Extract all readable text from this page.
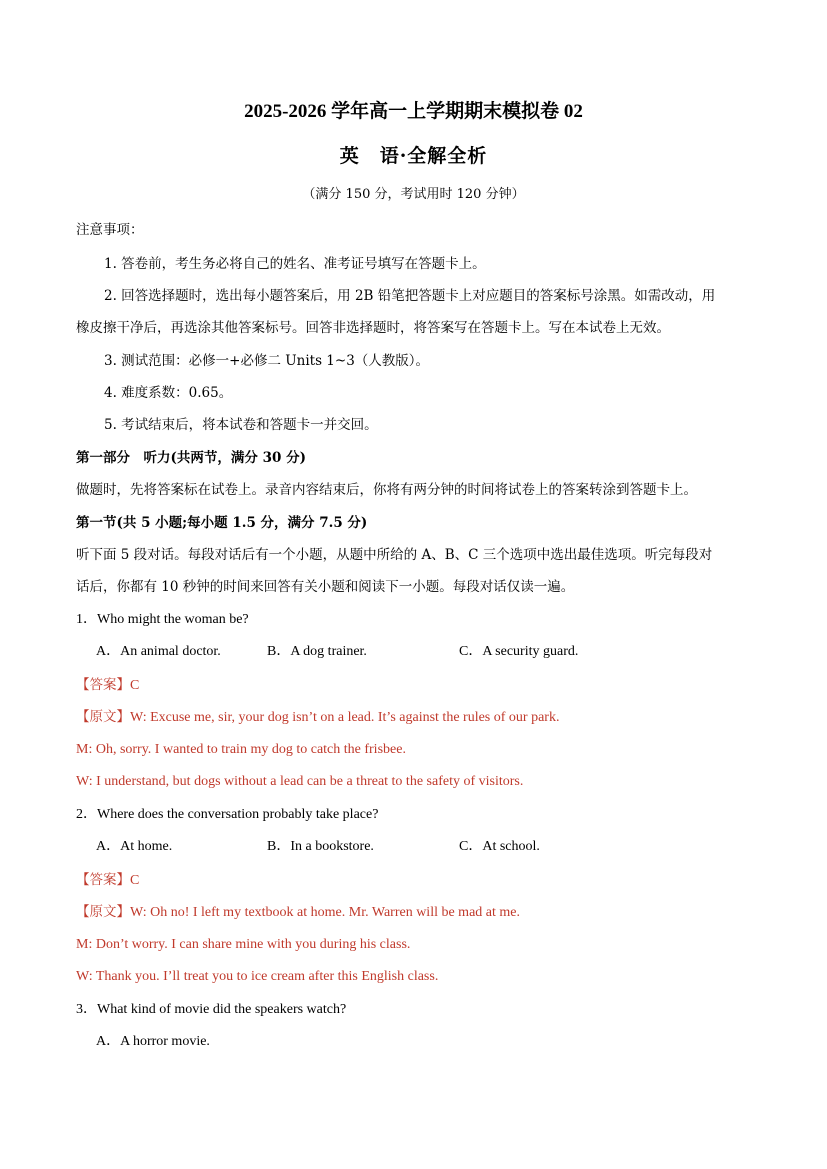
2025-2026 学年高一上学期期末模拟卷 02
英　语·全解全析
（满分 150 分，考试用时 120 分钟）
注意事项：
1. 答卷前，考生务必将自己的姓名、准考证号填写在答题卡上。
2. 回答选择题时，选出每小题答案后，用 2B 铅笔把答题卡上对应题目的答案标号涂黑。如需改动，用
橡皮擦干净后，再选涂其他答案标号。回答非选择题时，将答案写在答题卡上。写在本试卷上无效。
3. 测试范围：必修一+必修二 Units 1~3（人教版）。
4. 难度系数：0.65。
5. 考试结束后，将本试卷和答题卡一并交回。
第一部分　听力(共两节，满分 30 分)
做题时，先将答案标在试卷上。录音内容结束后，你将有两分钟的时间将试卷上的答案转涂到答题卡上。
第一节(共 5 小题;每小题 1.5 分，满分 7.5 分)
听下面 5 段对话。每段对话后有一个小题，从题中所给的 A、B、C 三个选项中选出最佳选项。听完每段对
话后，你都有 10 秒钟的时间来回答有关小题和阅读下一小题。每段对话仅读一遍。
1．Who might the woman be?
A．An animal doctor.	B．A dog trainer.	C．A security guard.
【答案】C
【原文】W: Excuse me, sir, your dog isn’t on a lead. It’s against the rules of our park.
M: Oh, sorry. I wanted to train my dog to catch the frisbee.
W: I understand, but dogs without a lead can be a threat to the safety of visitors.
2．Where does the conversation probably take place?
A．At home.	B．In a bookstore.	C．At school.
【答案】C
【原文】W: Oh no! I left my textbook at home. Mr. Warren will be mad at me.
M: Don’t worry. I can share mine with you during his class.
W: Thank you. I’ll treat you to ice cream after this English class.
3．What kind of movie did the speakers watch?
A．A horror movie.
